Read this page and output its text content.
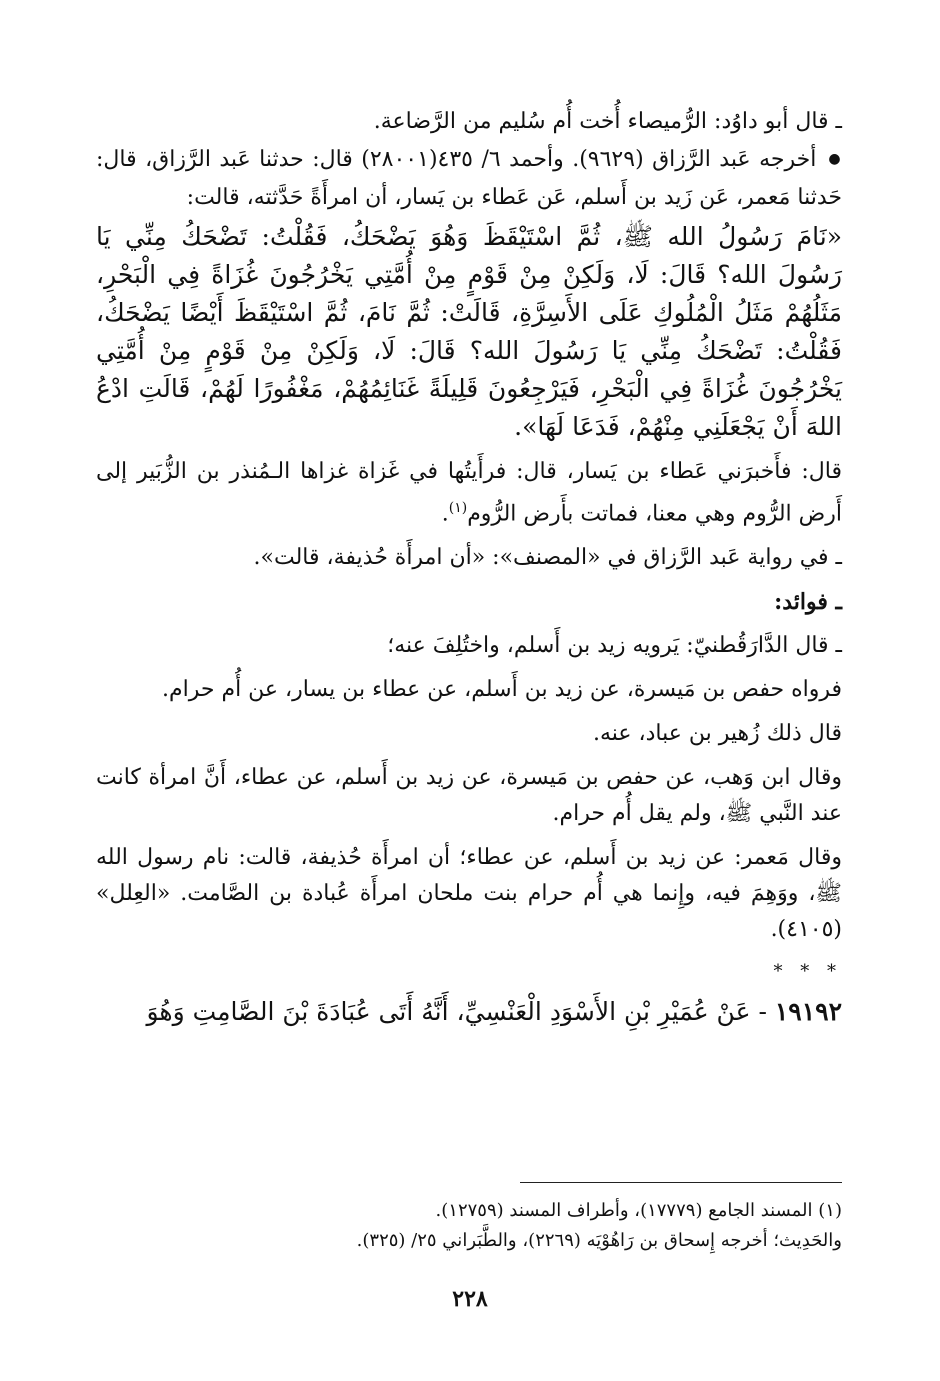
ـ قال أبو داوُد: الرُّميصاء أُخت أُم سُليم من الرَّضاعة.

● أخرجه عَبد الرَّزاق (٩٦٢٩). وأحمد ٦/ ٤٣٥(٢٨٠٠١) قال: حدثنا عَبد الرَّزاق، قال: حَدثنا مَعمر، عَن زَيد بن أَسلم، عَن عَطاء بن يَسار، أن امرأَةً حَدَّثته، قالت:

«نَامَ رَسُولُ الله ﷺ، ثُمَّ اسْتَيْقَظَ وَهُوَ يَضْحَكُ، فَقُلْتُ: تَضْحَكُ مِنِّي يَا رَسُولَ الله؟ قَالَ: لَا، وَلَكِنْ مِنْ قَوْمٍ مِنْ أُمَّتِي يَخْرُجُونَ غُزَاةً فِي الْبَحْرِ، مَثَلُهُمْ مَثَلُ الْمُلُوكِ عَلَى الأَسِرَّةِ، قَالَتْ: ثُمَّ نَامَ، ثُمَّ اسْتَيْقَظَ أَيْضًا يَضْحَكُ، فَقُلْتُ: تَضْحَكُ مِنِّي يَا رَسُولَ الله؟ قَالَ: لَا، وَلَكِنْ مِنْ قَوْمٍ مِنْ أُمَّتِي يَخْرُجُونَ غُزَاةً فِي الْبَحْرِ، فَيَرْجِعُونَ قَلِيلَةً غَنَائِمُهُمْ، مَغْفُورًا لَهُمْ، قَالَتِ ادْعُ اللهَ أَنْ يَجْعَلَنِي مِنْهُمْ، فَدَعَا لَهَا».

قال: فأَخبرَني عَطاء بن يَسار، قال: فرأَيتُها في غَزاة غزاها الـمُنذر بن الزُّبَير إلى أَرض الرُّوم وهي معنا، فماتت بأَرض الرُّوم$^{(١)}$.

ـ في رواية عَبد الرَّزاق في «المصنف»: «أن امرأَة حُذيفة، قالت».

ـ فوائد:

ـ قال الدَّارَقُطنيّ: يَرويه زيد بن أَسلم، واختُلِفَ عنه؛

فرواه حفص بن مَيسرة، عن زيد بن أَسلم، عن عطاء بن يسار، عن أُم حرام.

قال ذلك زُهير بن عباد، عنه.

وقال ابن وَهب، عن حفص بن مَيسرة، عن زيد بن أَسلم، عن عطاء، أَنَّ امرأة كانت عند النَّبي ﷺ، ولم يقل أُم حرام.

وقال مَعمر: عن زيد بن أَسلم، عن عطاء؛ أن امرأَة حُذيفة، قالت: نام رسول الله ﷺ، ووَهِمَ فيه، وإِنما هي أُم حرام بنت ملحان امرأَة عُبادة بن الصَّامت. «العِلل» (٤١٠٥).

* * *

١٩١٩٢ - عَنْ عُمَيْرِ بْنِ الأَسْوَدِ الْعَنْسِيِّ، أَنَّهُ أَتَى عُبَادَةَ بْنَ الصَّامِتِ وَهُوَ

(١) المسند الجامع (١٧٧٧٩)، وأطراف المسند (١٢٧٥٩).

والحَدِيث؛ أخرجه إِسحاق بن رَاهُوْيَه (٢٢٦٩)، والطَّبَراني ٢٥/ (٣٢٥).

٢٢٨
